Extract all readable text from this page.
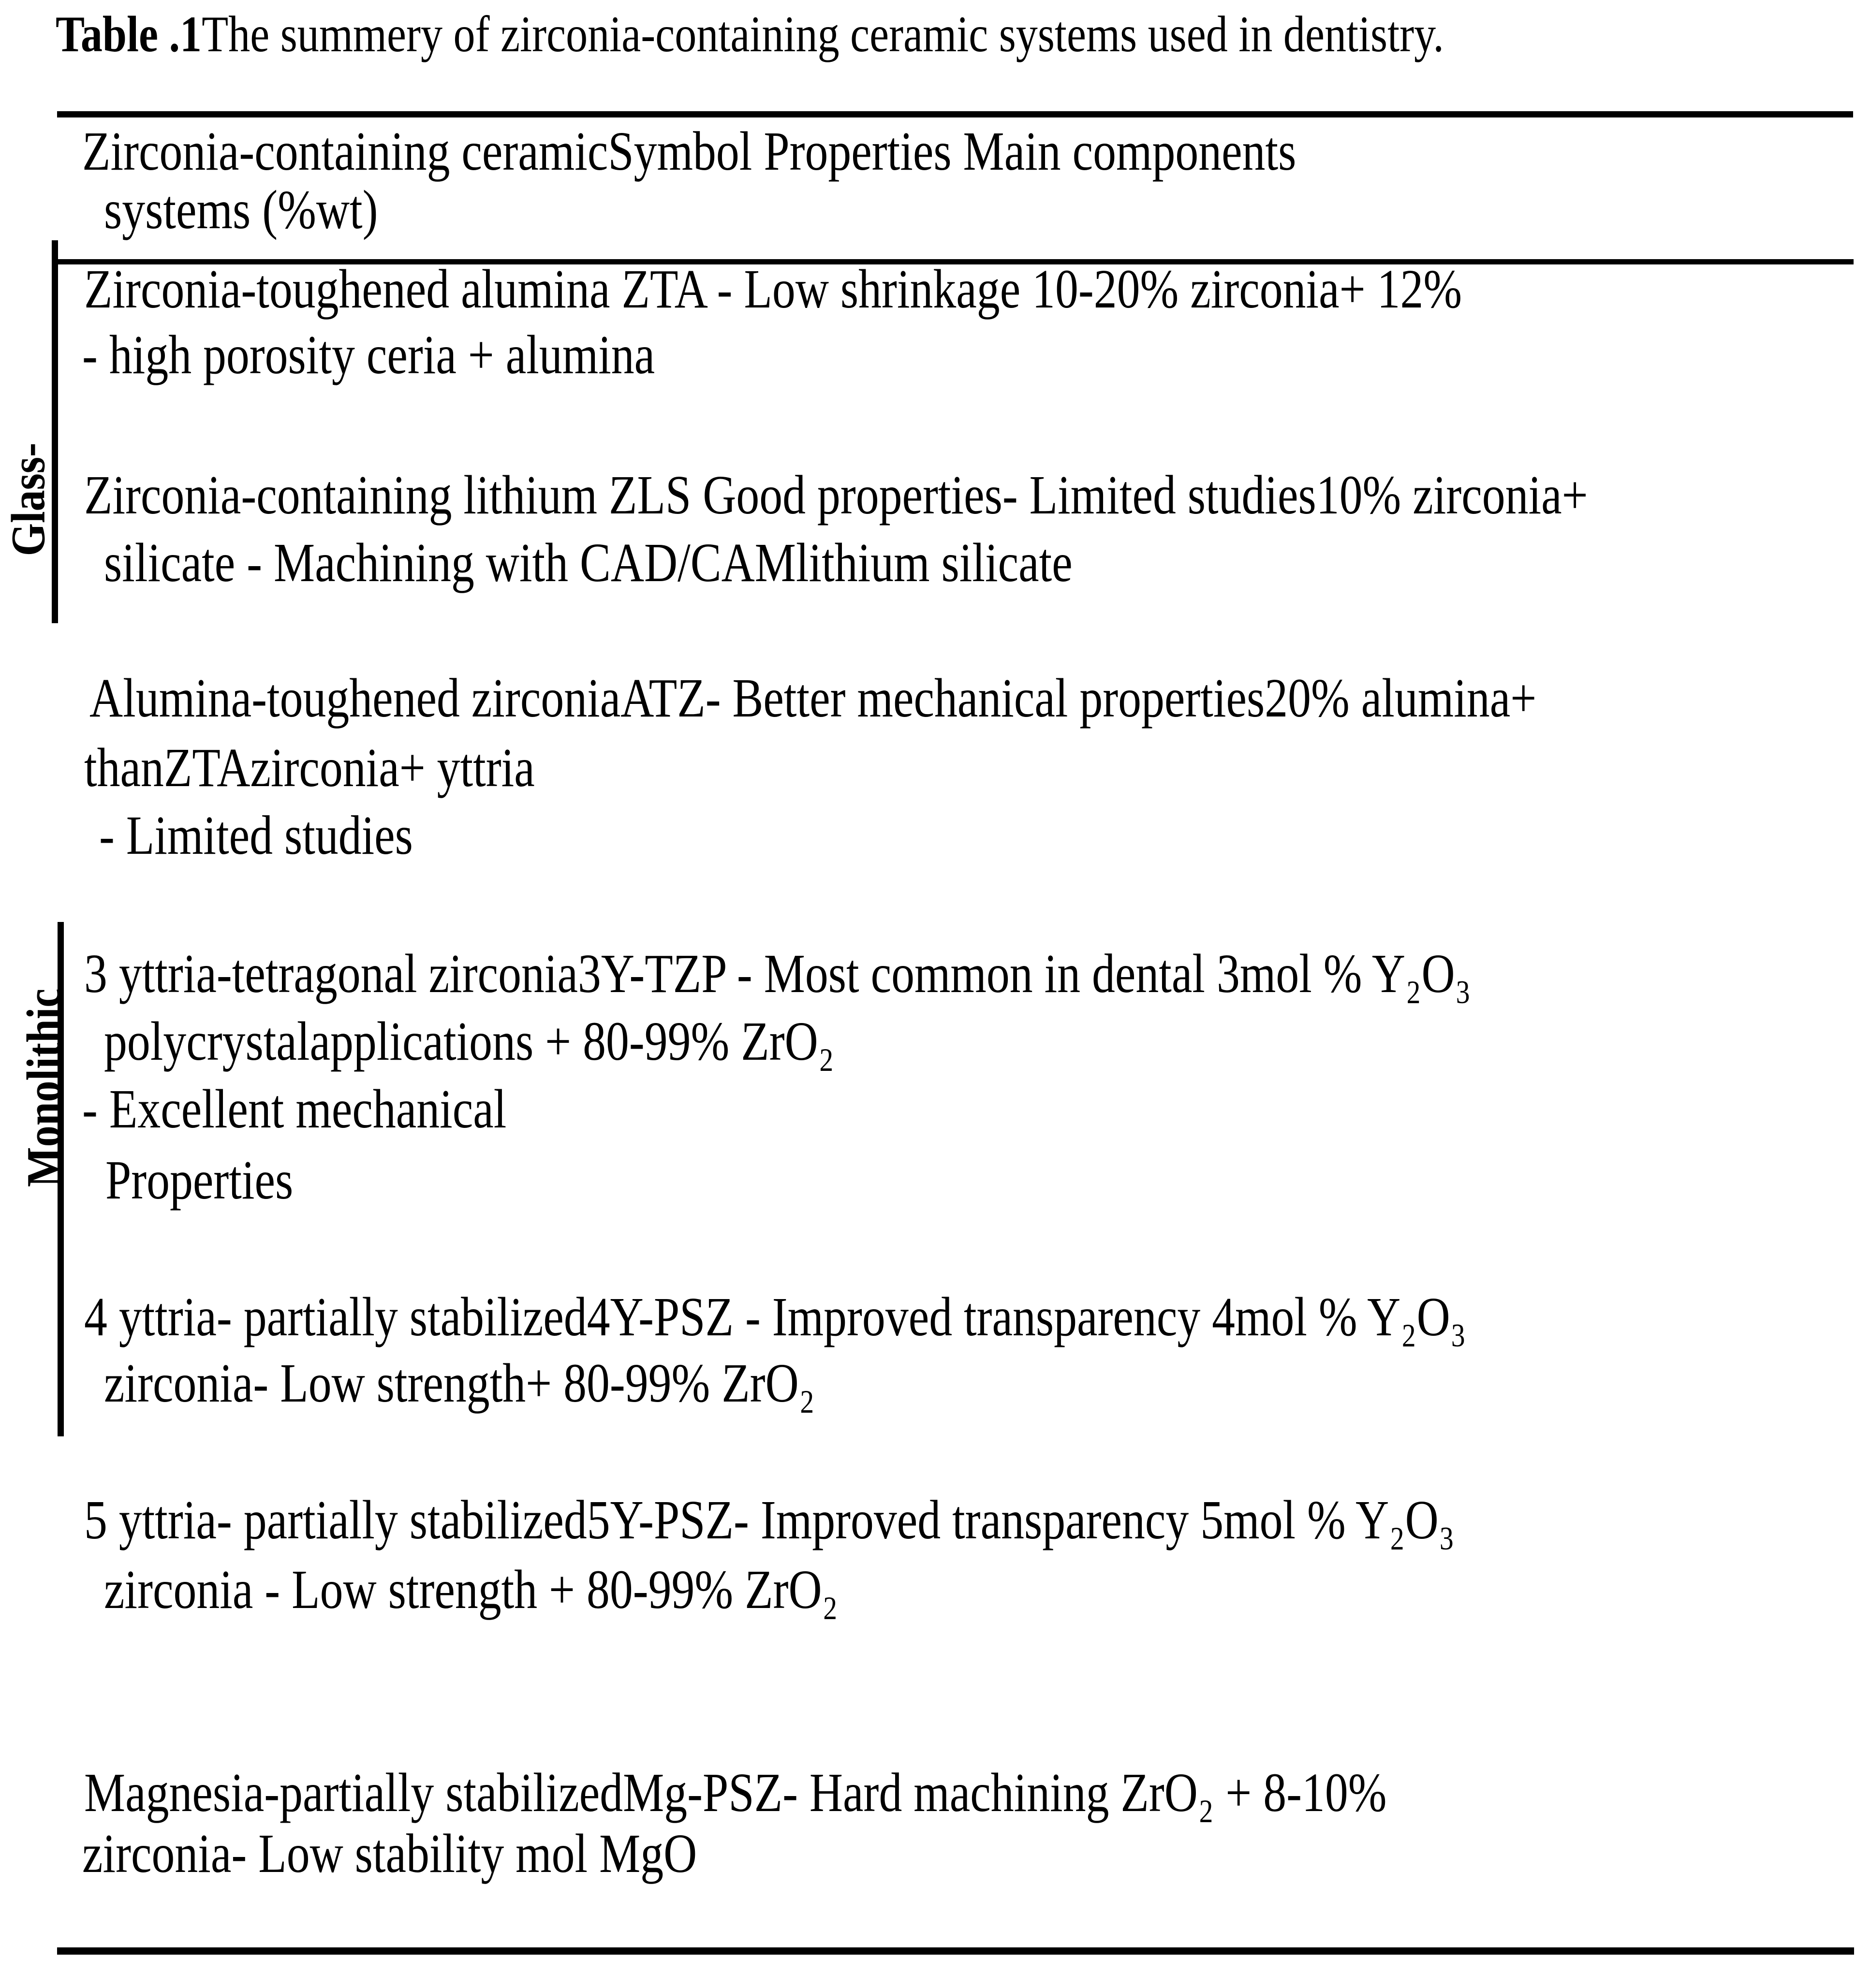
Table .1The summery of zirconia-containing ceramic systems used in dentistry.
Zirconia-containing ceramicSymbol Properties Main components
systems (%wt)
Glass-
Monolithic
Zirconia-toughened alumina ZTA - Low shrinkage 10-20% zirconia+ 12%
- high porosity ceria + alumina
Zirconia-containing lithium ZLS Good properties- Limited studies10% zirconia+
silicate - Machining with CAD/CAMlithium silicate
Alumina-toughened zirconiaATZ- Better mechanical properties20% alumina+
thanZTAzirconia+ yttria
- Limited studies
3 yttria-tetragonal zirconia3Y-TZP - Most common in dental 3mol % Y₂O₃
polycrystalapplications + 80-99% ZrO₂
- Excellent mechanical
Properties
4 yttria- partially stabilized4Y-PSZ - Improved transparency 4mol % Y₂O₃
zirconia- Low strength+ 80-99% ZrO₂
5 yttria- partially stabilized5Y-PSZ- Improved transparency 5mol % Y₂O₃
zirconia - Low strength + 80-99% ZrO₂
Magnesia-partially stabilizedMg-PSZ- Hard machining ZrO₂ + 8-10%
zirconia- Low stability mol MgO
